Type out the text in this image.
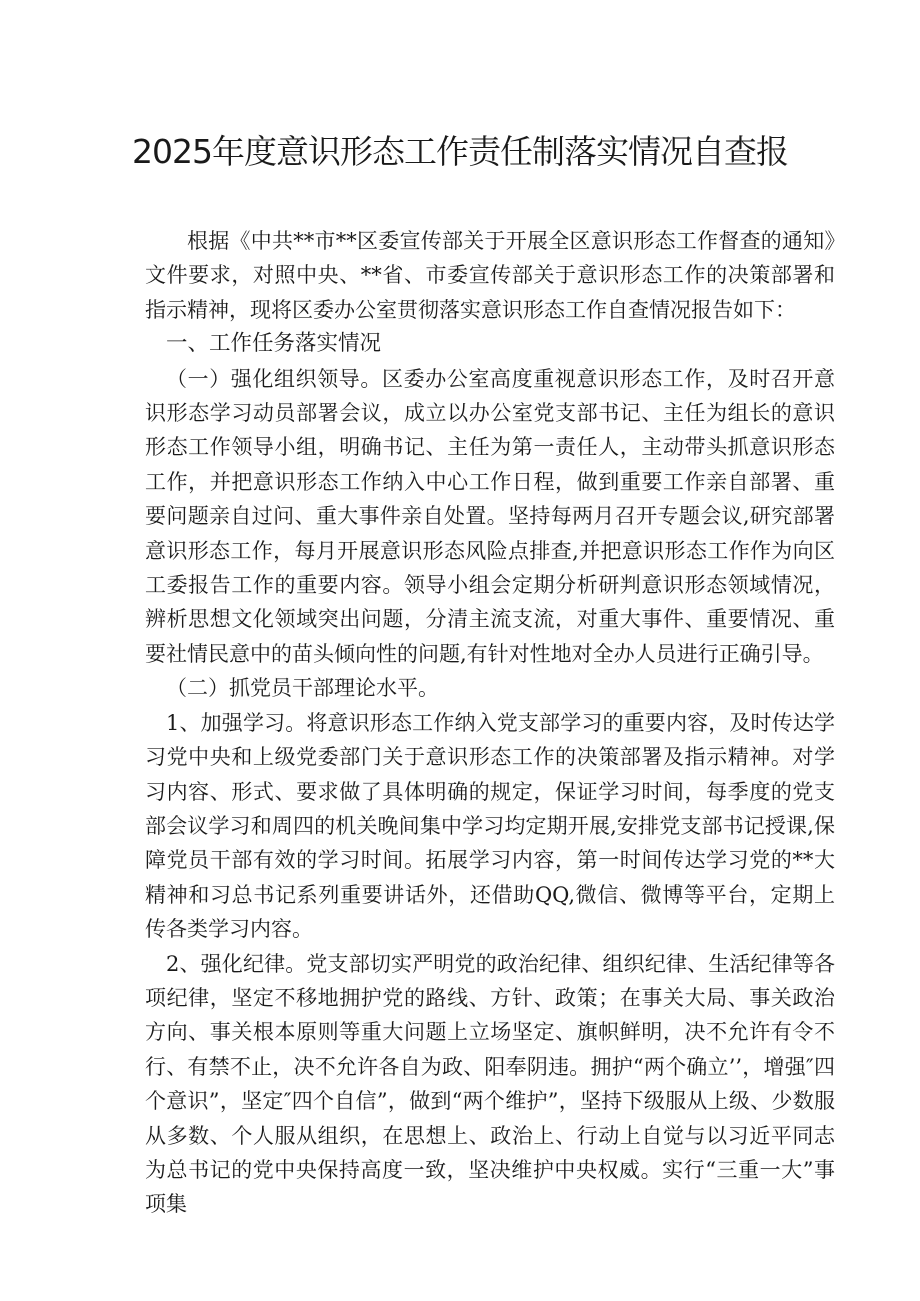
2025年度意识形态工作责任制落实情况自查报

根据《中共**市**区委宣传部关于开展全区意识形态工作督查的通知》文件要求，对照中央、**省、市委宣传部关于意识形态工作的决策部署和指示精神，现将区委办公室贯彻落实意识形态工作自查情况报告如下：

一、工作任务落实情况

（一）强化组织领导。区委办公室高度重视意识形态工作，及时召开意识形态学习动员部署会议，成立以办公室党支部书记、主任为组长的意识形态工作领导小组，明确书记、主任为第一责任人，主动带头抓意识形态工作，并把意识形态工作纳入中心工作日程，做到重要工作亲自部署、重要问题亲自过问、重大事件亲自处置。坚持每两月召开专题会议,研究部署意识形态工作，每月开展意识形态风险点排查,并把意识形态工作作为向区工委报告工作的重要内容。领导小组会定期分析研判意识形态领域情况，辨析思想文化领域突出问题，分清主流支流，对重大事件、重要情况、重要社情民意中的苗头倾向性的问题,有针对性地对全办人员进行正确引导。

（二）抓党员干部理论水平。

1、加强学习。将意识形态工作纳入党支部学习的重要内容，及时传达学习党中央和上级党委部门关于意识形态工作的决策部署及指示精神。对学习内容、形式、要求做了具体明确的规定，保证学习时间，每季度的党支部会议学习和周四的机关晚间集中学习均定期开展,安排党支部书记授课,保障党员干部有效的学习时间。拓展学习内容，第一时间传达学习党的**大精神和习总书记系列重要讲话外，还借助QQ,微信、微博等平台，定期上传各类学习内容。

2、强化纪律。党支部切实严明党的政治纪律、组织纪律、生活纪律等各项纪律，坚定不移地拥护党的路线、方针、政策；在事关大局、事关政治方向、事关根本原则等重大问题上立场坚定、旗帜鲜明，决不允许有令不行、有禁不止，决不允许各自为政、阳奉阴违。拥护“两个确立’’，增强″四个意识”，坚定″四个自信”，做到“两个维护”，坚持下级服从上级、少数服从多数、个人服从组织，在思想上、政治上、行动上自觉与以习近平同志为总书记的党中央保持高度一致，坚决维护中央权威。实行“三重一大”事项集
